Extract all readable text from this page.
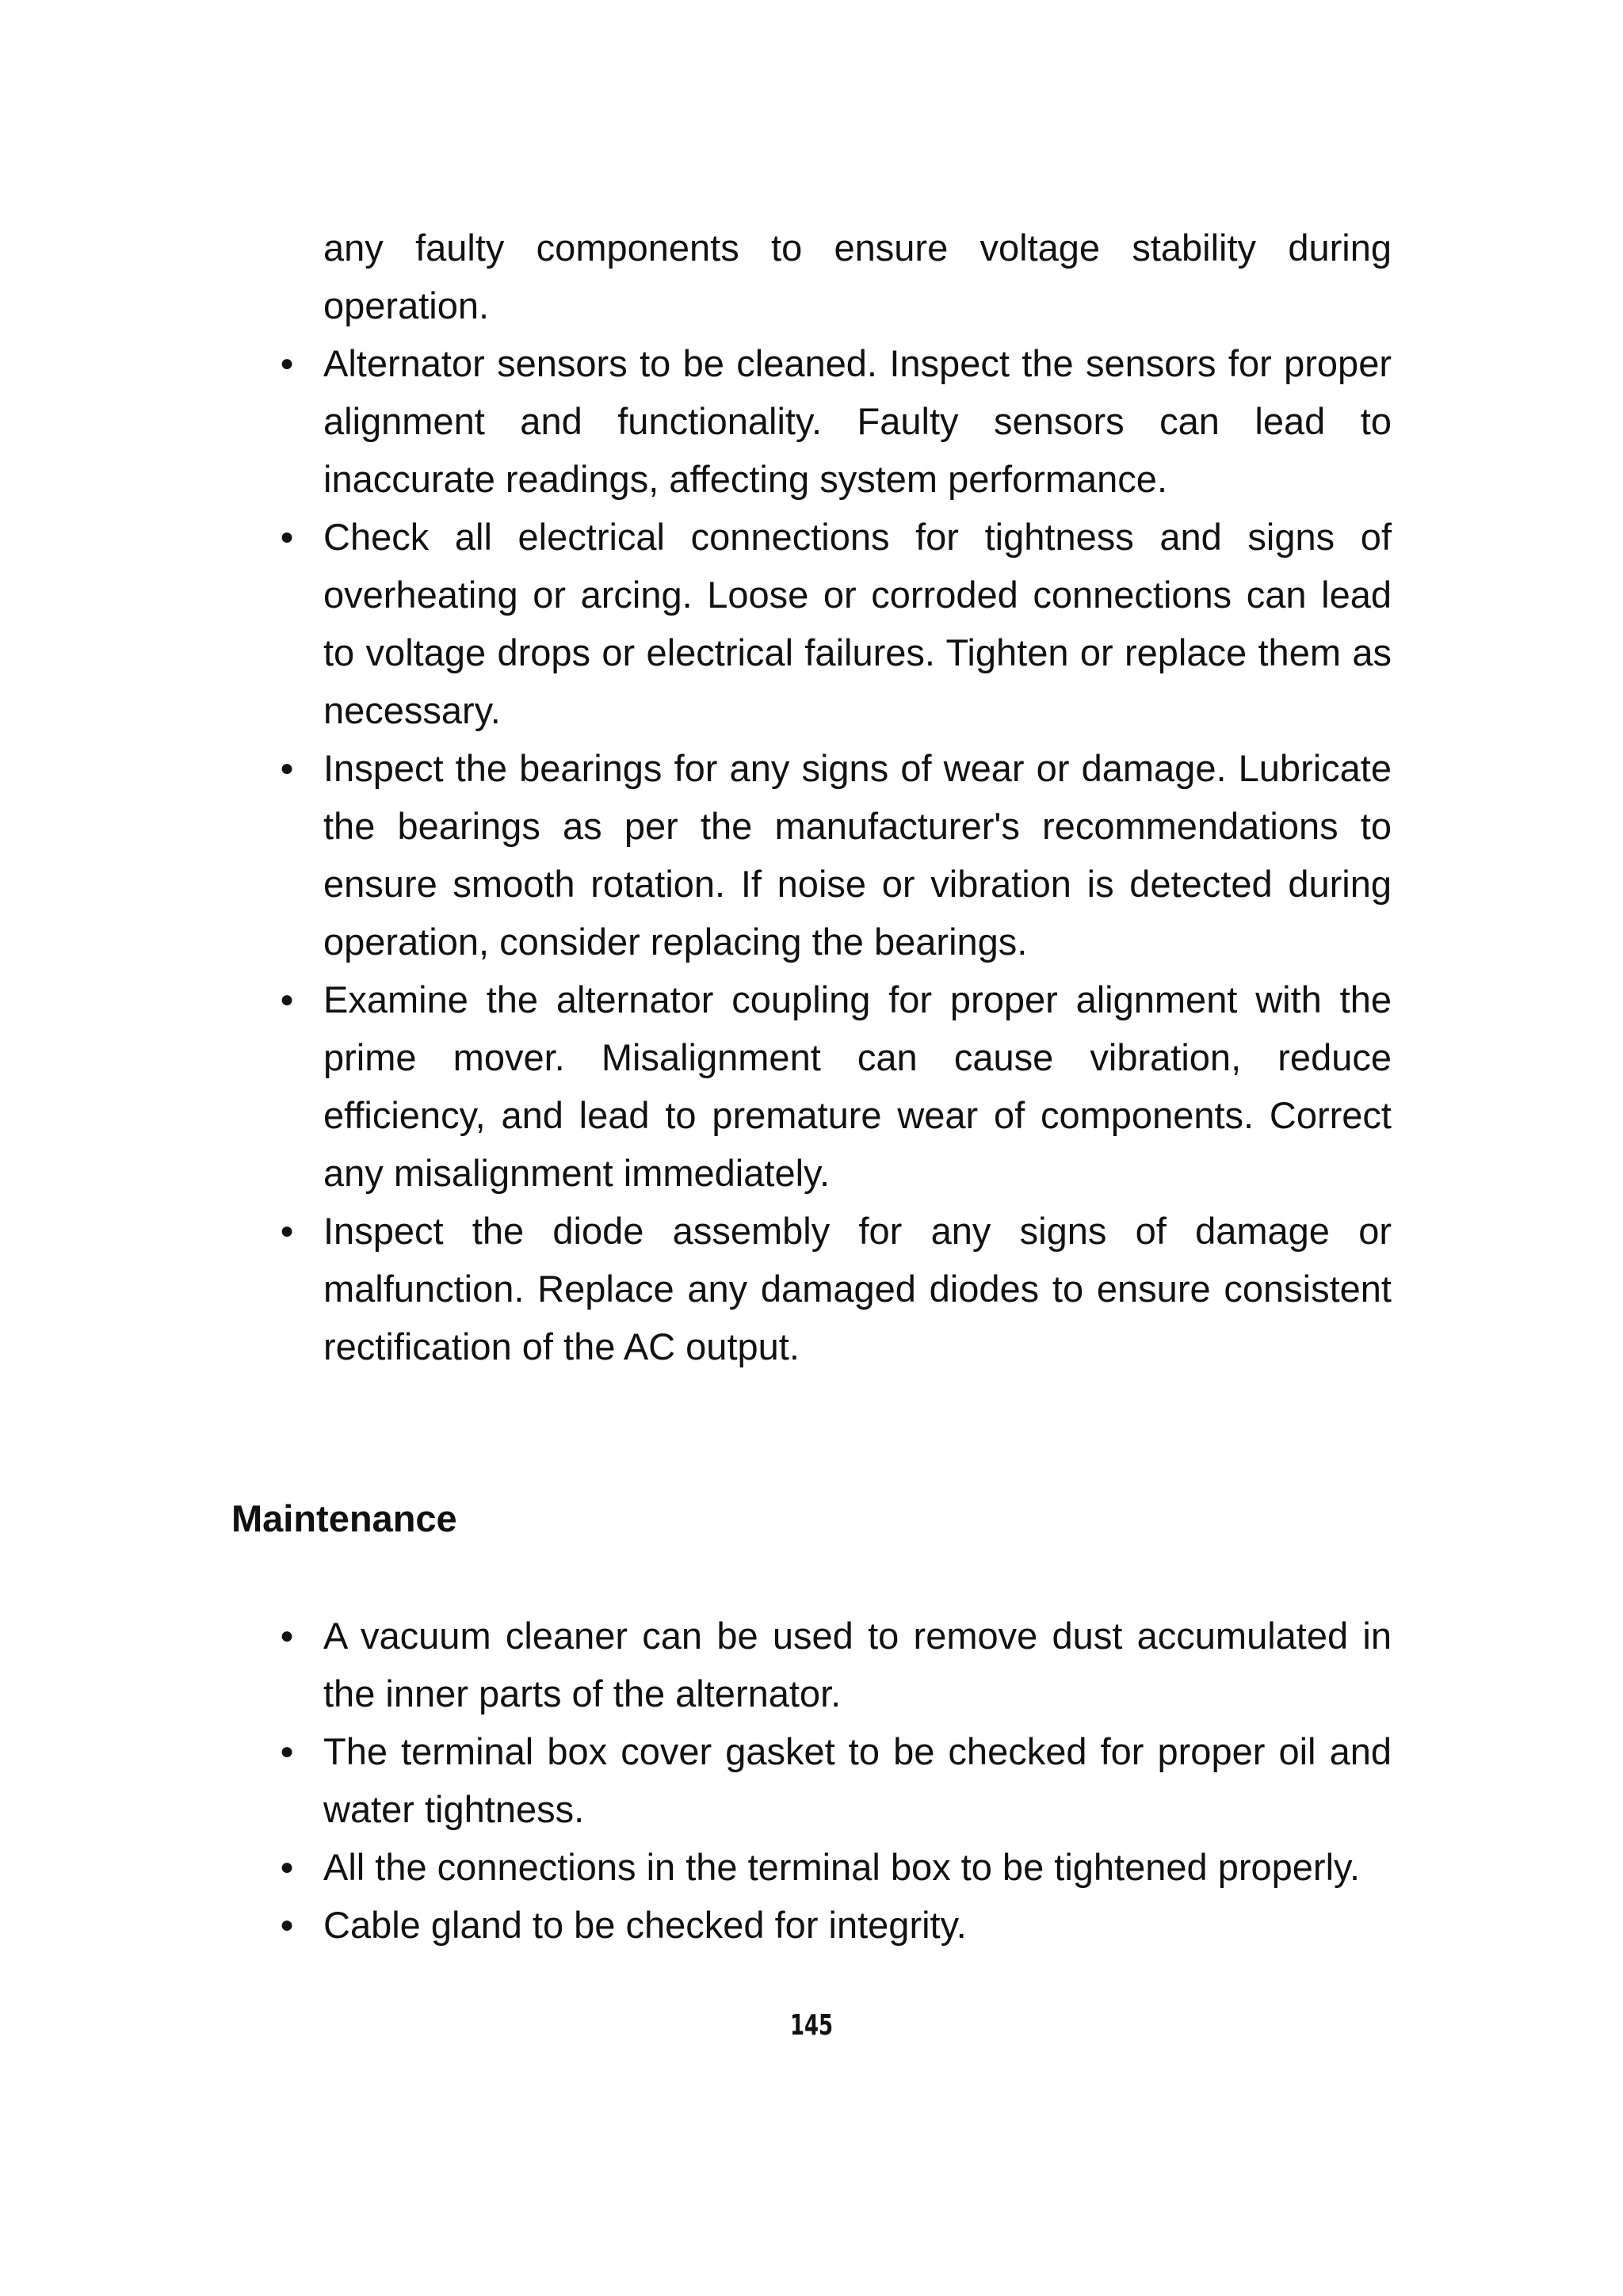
any faulty components to ensure voltage stability during operation.
● Alternator sensors to be cleaned. Inspect the sensors for proper alignment and functionality. Faulty sensors can lead to inaccurate readings, affecting system performance.
● Check all electrical connections for tightness and signs of overheating or arcing. Loose or corroded connections can lead to voltage drops or electrical failures. Tighten or replace them as necessary.
● Inspect the bearings for any signs of wear or damage. Lubricate the bearings as per the manufacturer's recommendations to ensure smooth rotation. If noise or vibration is detected during operation, consider replacing the bearings.
● Examine the alternator coupling for proper alignment with the prime mover. Misalignment can cause vibration, reduce efficiency, and lead to premature wear of components. Correct any misalignment immediately.
● Inspect the diode assembly for any signs of damage or malfunction. Replace any damaged diodes to ensure consistent rectification of the AC output.
Maintenance
● A vacuum cleaner can be used to remove dust accumulated in the inner parts of the alternator.
● The terminal box cover gasket to be checked for proper oil and water tightness.
● All the connections in the terminal box to be tightened properly.
● Cable gland to be checked for integrity.
145
